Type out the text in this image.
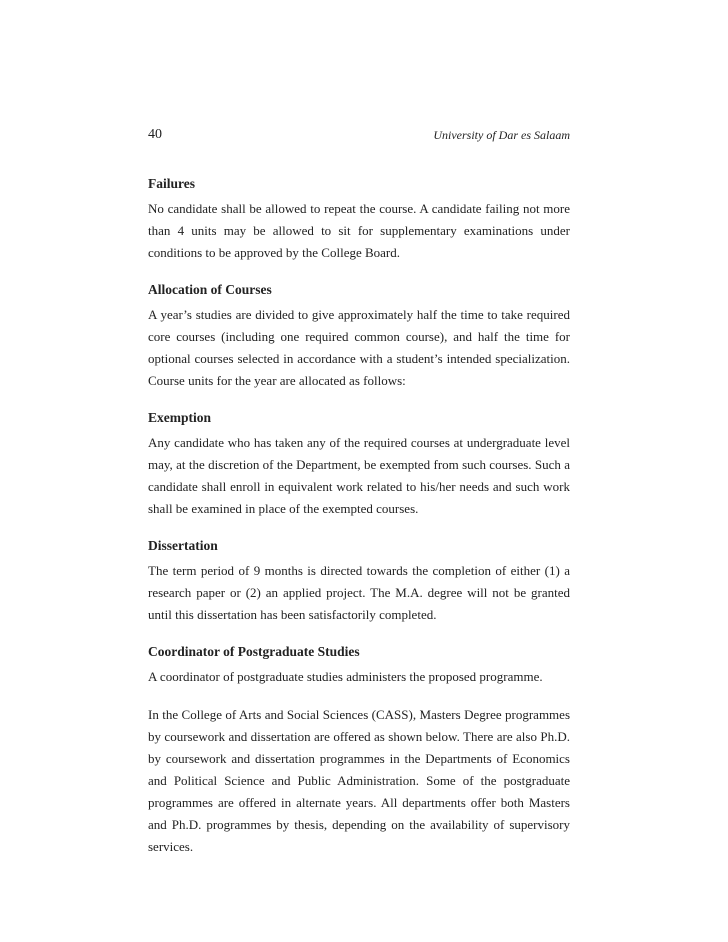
40	University of Dar es Salaam
Failures

No candidate shall be allowed to repeat the course. A candidate failing not more than 4 units may be allowed to sit for supplementary examinations under conditions to be approved by the College Board.

Allocation of Courses

A year’s studies are divided to give approximately half the time to take required core courses (including one required common course), and half the time for optional courses selected in accordance with a student’s intended specialization. Course units for the year are allocated as follows:

Exemption

Any candidate who has taken any of the required courses at undergraduate level may, at the discretion of the Department, be exempted from such courses. Such a candidate shall enroll in equivalent work related to his/her needs and such work shall be examined in place of the exempted courses.

Dissertation

The term period of 9 months is directed towards the completion of either (1) a research paper or (2) an applied project. The M.A. degree will not be granted until this dissertation has been satisfactorily completed.

Coordinator of Postgraduate Studies

A coordinator of postgraduate studies administers the proposed programme.

In the College of Arts and Social Sciences (CASS), Masters Degree programmes by coursework and dissertation are offered as shown below. There are also Ph.D. by coursework and dissertation programmes in the Departments of Economics and Political Science and Public Administration. Some of the postgraduate programmes are offered in alternate years. All departments offer both Masters and Ph.D. programmes by thesis, depending on the availability of supervisory services.
